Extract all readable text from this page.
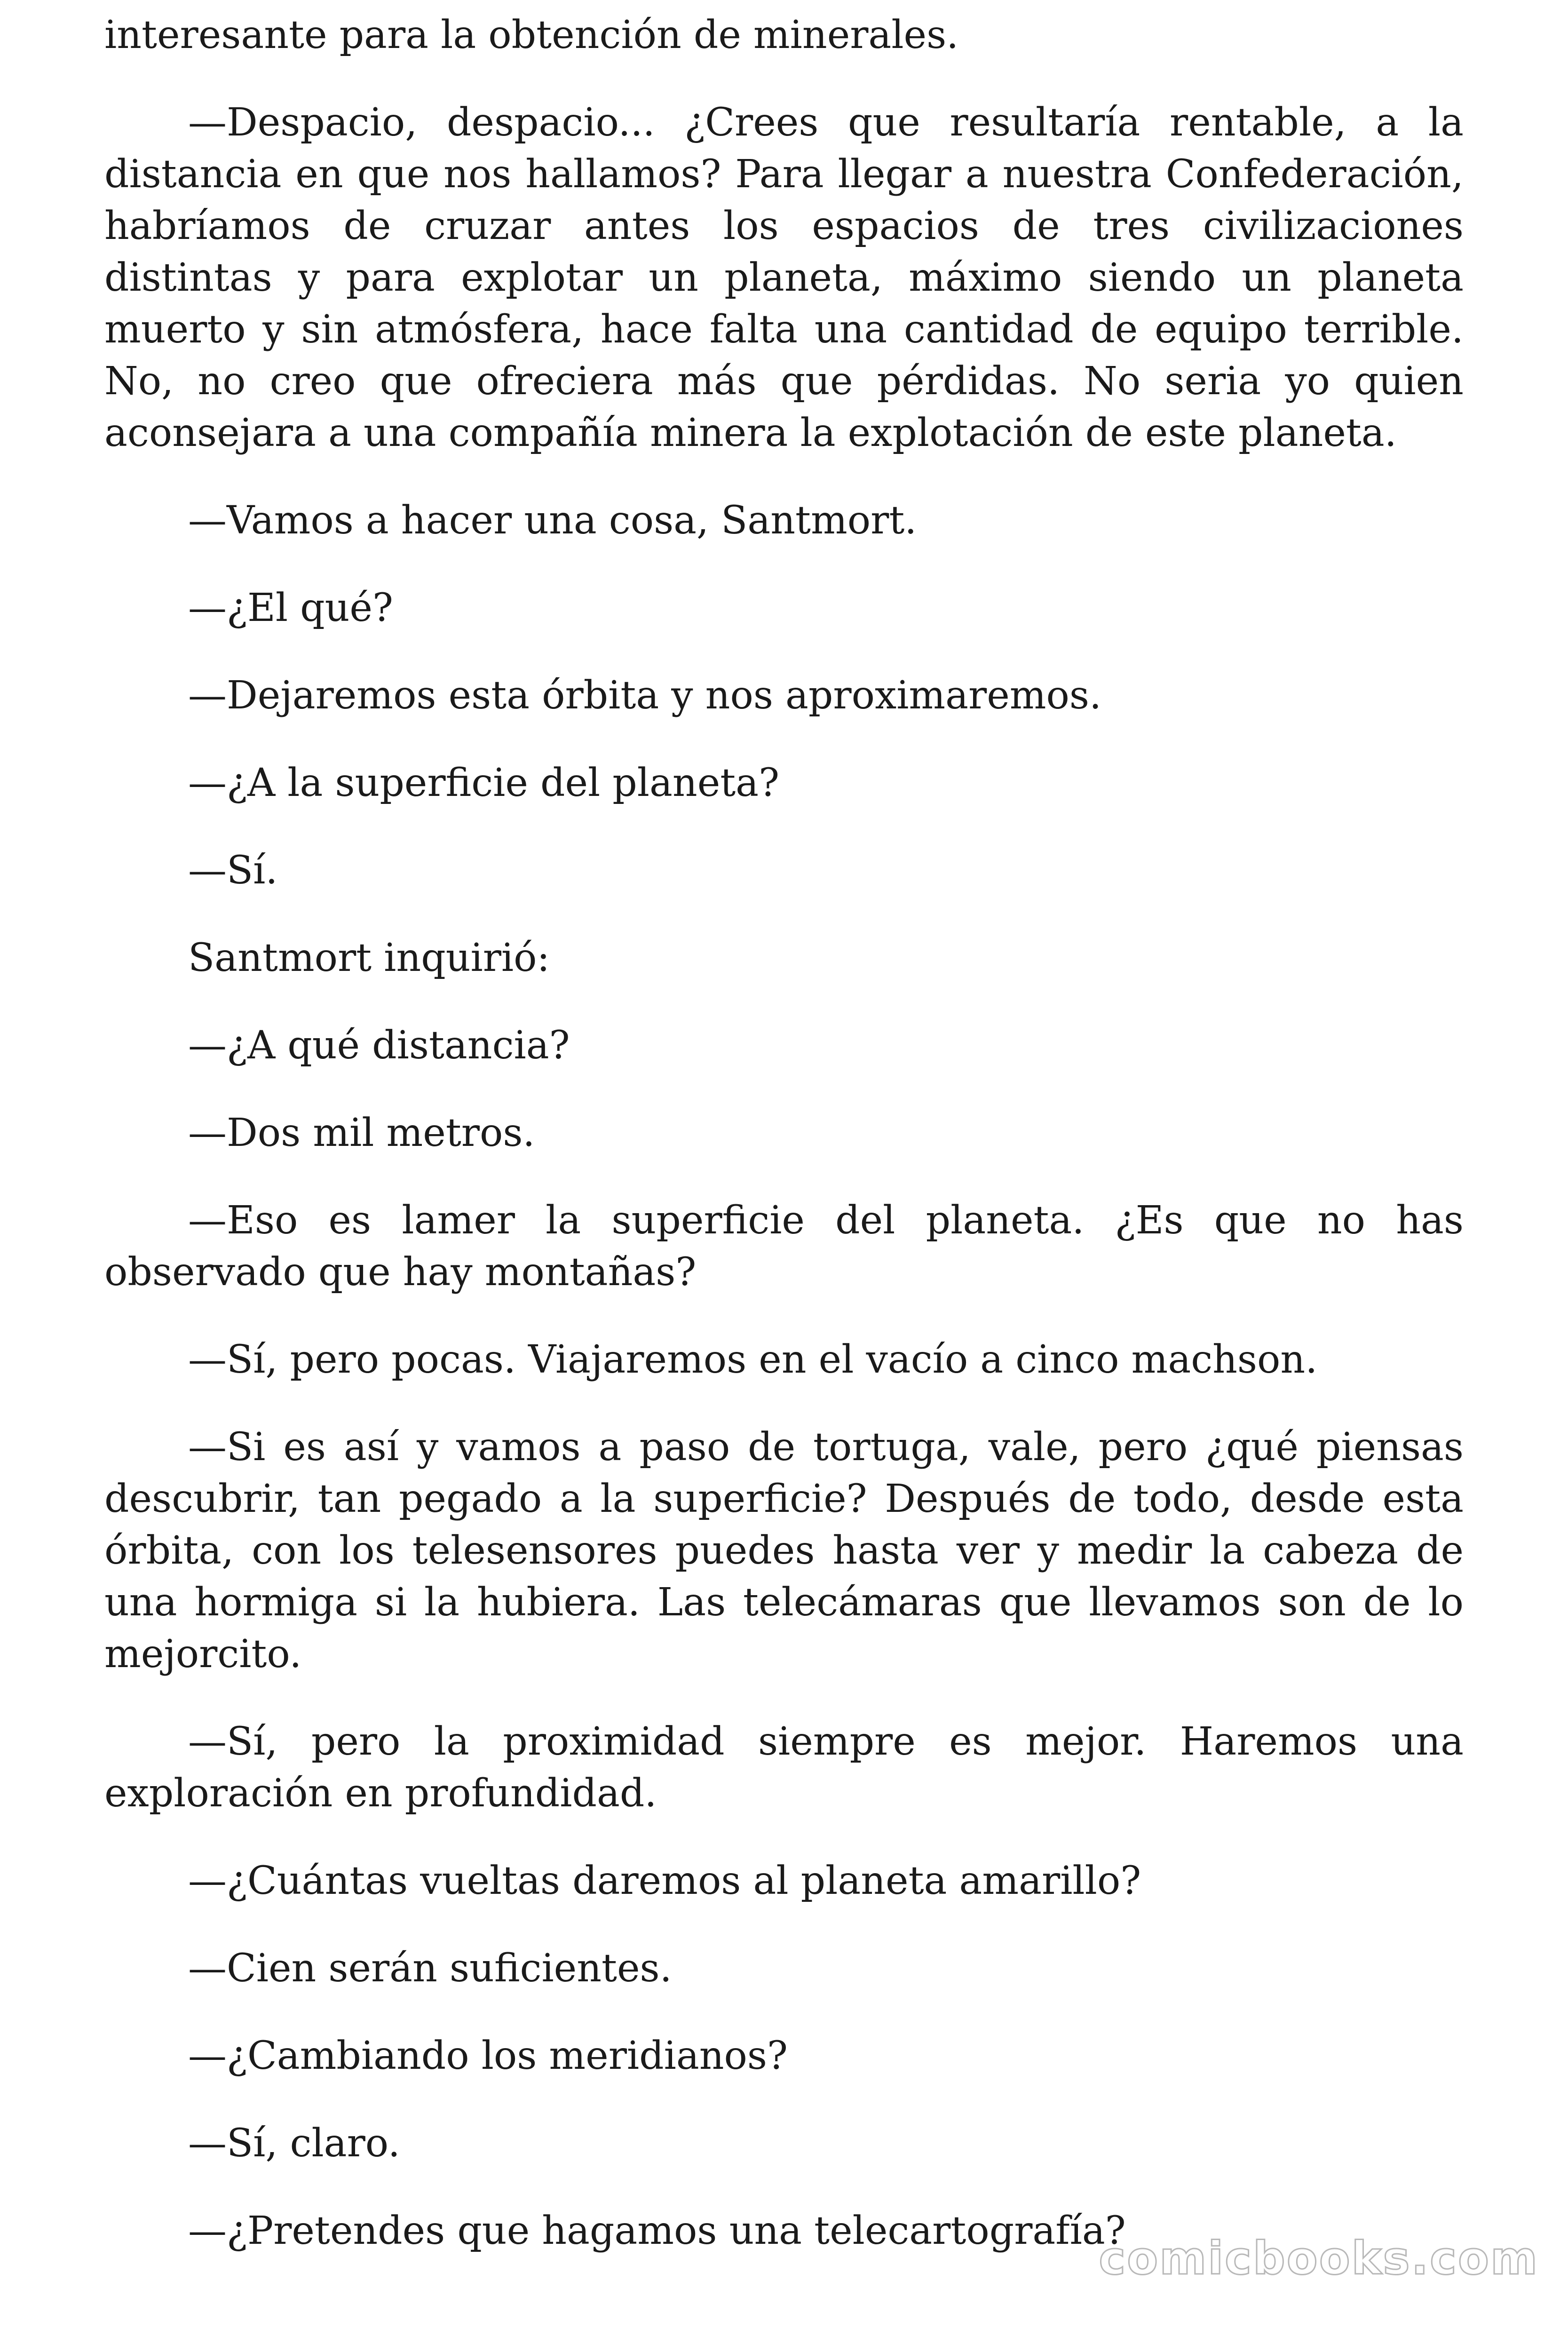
interesante para la obtención de minerales.

—Despacio, despacio... ¿Crees que resultaría rentable, a la distancia en que nos hallamos? Para llegar a nuestra Confederación, habríamos de cruzar antes los espacios de tres civilizaciones distintas y para explotar un planeta, máximo siendo un planeta muerto y sin atmósfera, hace falta una cantidad de equipo terrible. No, no creo que ofreciera más que pérdidas. No seria yo quien aconsejara a una compañía minera la explotación de este planeta.

—Vamos a hacer una cosa, Santmort.

—¿El qué?

—Dejaremos esta órbita y nos aproximaremos.

—¿A la superficie del planeta?

—Sí.

Santmort inquirió:

—¿A qué distancia?

—Dos mil metros.

—Eso es lamer la superficie del planeta. ¿Es que no has observado que hay montañas?

—Sí, pero pocas. Viajaremos en el vacío a cinco machson.

—Si es así y vamos a paso de tortuga, vale, pero ¿qué piensas descubrir, tan pegado a la superficie? Después de todo, desde esta órbita, con los telesensores puedes hasta ver y medir la cabeza de una hormiga si la hubiera. Las telecámaras que llevamos son de lo mejorcito.

—Sí, pero la proximidad siempre es mejor. Haremos una exploración en profundidad.

—¿Cuántas vueltas daremos al planeta amarillo?

—Cien serán suficientes.

—¿Cambiando los meridianos?

—Sí, claro.

—¿Pretendes que hagamos una telecartografía?

comicbooks.com
